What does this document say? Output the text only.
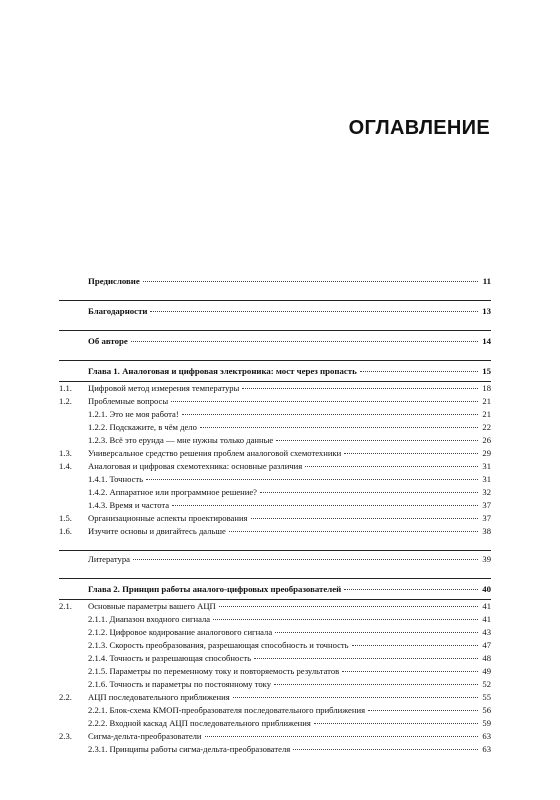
ОГЛАВЛЕНИЕ
Предисловие	11
Благодарности	13
Об авторе	14
Глава 1. Аналоговая и цифровая электроника: мост через пропасть	15
1.1.	Цифровой метод измерения температуры	18
1.2.	Проблемные вопросы	21
1.2.1. Это не моя работа!	21
1.2.2. Подскажите, в чём дело	22
1.2.3. Всё это ерунда — мне нужны только данные	26
1.3.	Универсальное средство решения проблем аналоговой схемотехники	29
1.4.	Аналоговая и цифровая схемотехника: основные различия	31
1.4.1. Точность	31
1.4.2. Аппаратное или программное решение?	32
1.4.3. Время и частота	37
1.5.	Организационные аспекты проектирования	37
1.6.	Изучите основы и двигайтесь дальше	38
Литература	39
Глава 2. Принцип работы аналого-цифровых преобразователей	40
2.1.	Основные параметры вашего АЦП	41
2.1.1. Диапазон входного сигнала	41
2.1.2. Цифровое кодирование аналогового сигнала	43
2.1.3. Скорость преобразования, разрешающая способность и точность	47
2.1.4. Точность и разрешающая способность	48
2.1.5. Параметры по переменному току и повторяемость результатов	49
2.1.6. Точность и параметры по постоянному току	52
2.2.	АЦП последовательного приближения	55
2.2.1. Блок-схема КМОП-преобразователя последовательного приближения	56
2.2.2. Входной каскад АЦП последовательного приближения	59
2.3.	Сигма-дельта-преобразователи	63
2.3.1. Принципы работы сигма-дельта-преобразователя	63
